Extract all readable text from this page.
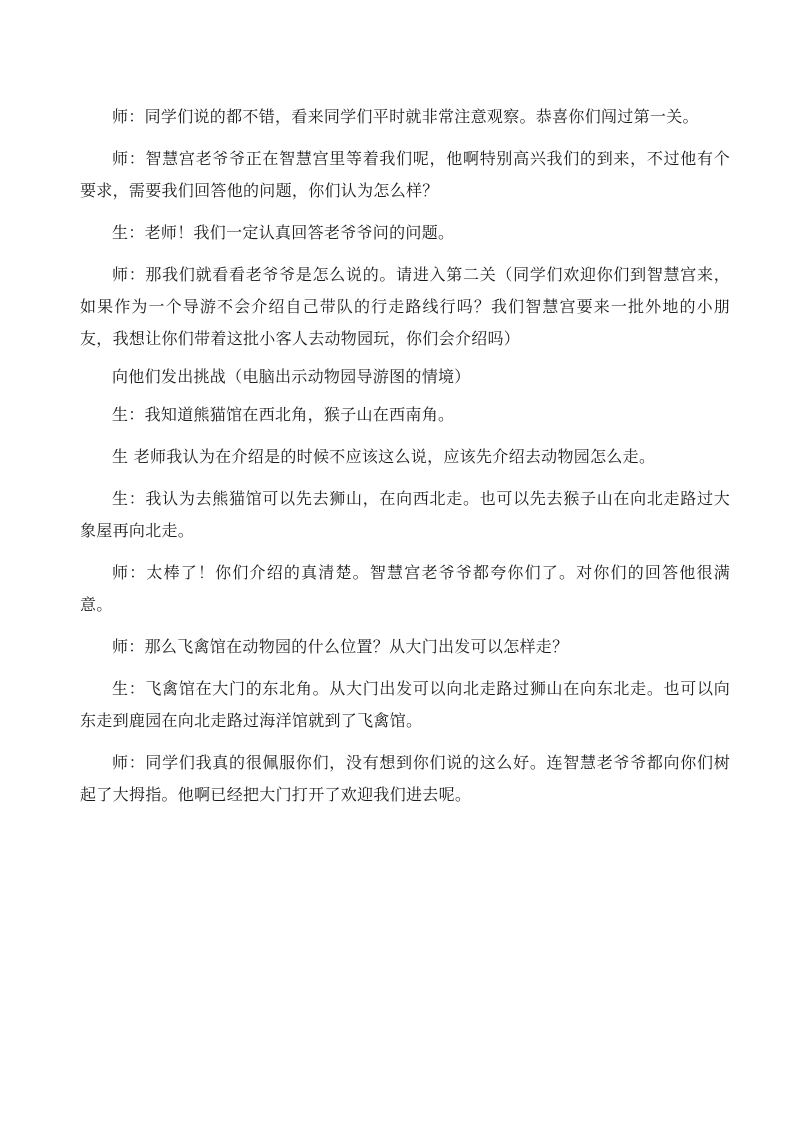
师：同学们说的都不错，看来同学们平时就非常注意观察。恭喜你们闯过第一关。

师：智慧宫老爷爷正在智慧宫里等着我们呢，他啊特别高兴我们的到来，不过他有个要求，需要我们回答他的问题，你们认为怎么样？

生：老师！我们一定认真回答老爷爷问的问题。

师：那我们就看看老爷爷是怎么说的。请进入第二关（同学们欢迎你们到智慧宫来，如果作为一个导游不会介绍自己带队的行走路线行吗？我们智慧宫要来一批外地的小朋友，我想让你们带着这批小客人去动物园玩，你们会介绍吗）

向他们发出挑战（电脑出示动物园导游图的情境）

生：我知道熊猫馆在西北角，猴子山在西南角。

生 老师我认为在介绍是的时候不应该这么说，应该先介绍去动物园怎么走。

生：我认为去熊猫馆可以先去狮山，在向西北走。也可以先去猴子山在向北走路过大象屋再向北走。

师：太棒了！你们介绍的真清楚。智慧宫老爷爷都夸你们了。对你们的回答他很满意。

师：那么飞禽馆在动物园的什么位置？从大门出发可以怎样走？

生：飞禽馆在大门的东北角。从大门出发可以向北走路过狮山在向东北走。也可以向东走到鹿园在向北走路过海洋馆就到了飞禽馆。

师：同学们我真的很佩服你们，没有想到你们说的这么好。连智慧老爷爷都向你们树起了大拇指。他啊已经把大门打开了欢迎我们进去呢。
